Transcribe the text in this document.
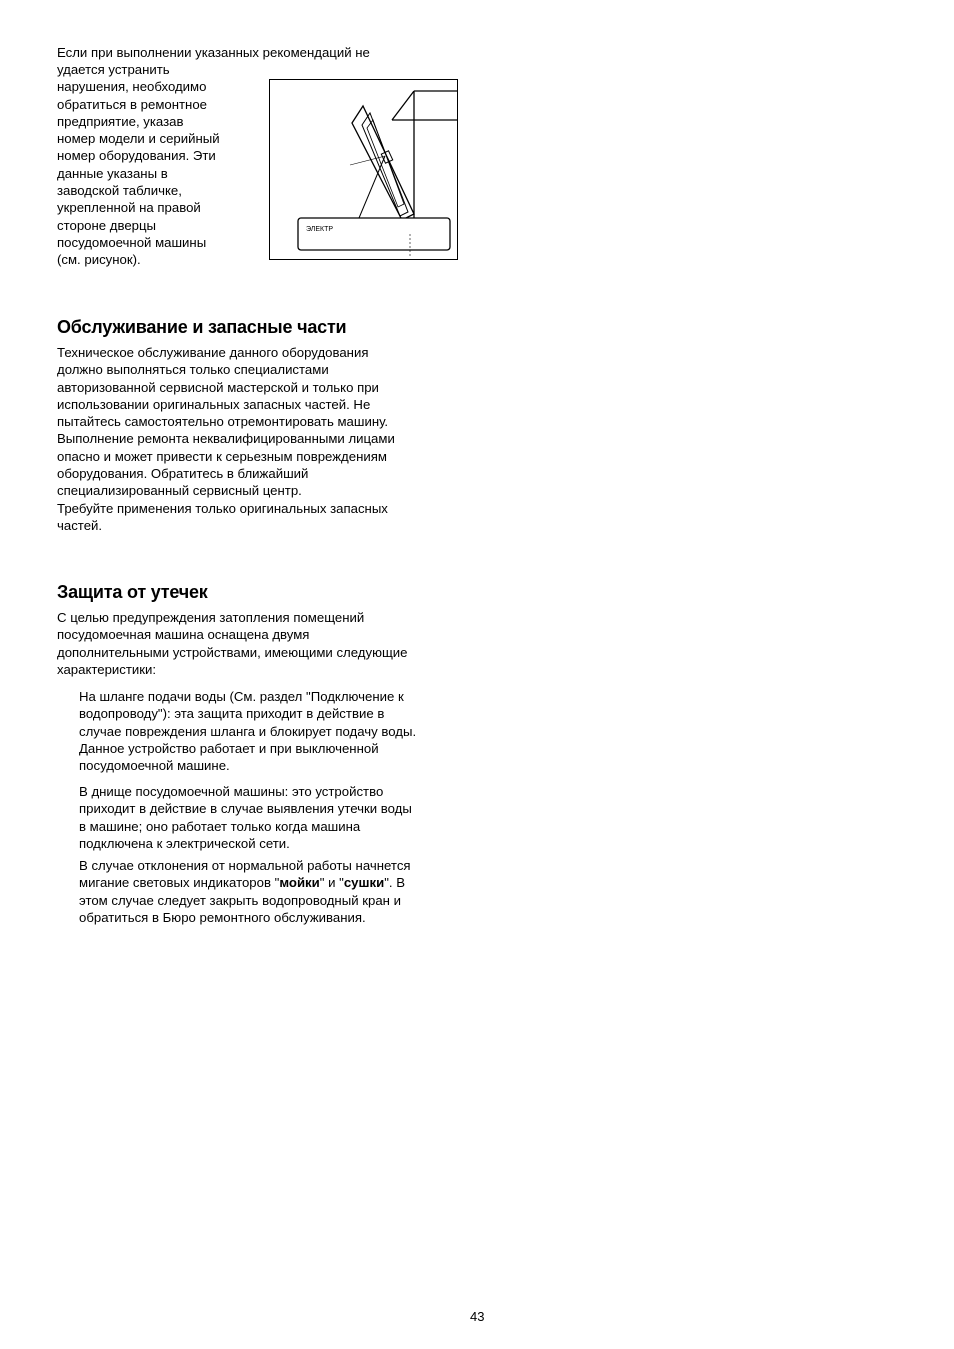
Если при выполнении указанных рекомендаций не
удается устранить
нарушения, необходимо
обратиться в ремонтное
предприятие, указав
номер модели и серийный
номер оборудования. Эти
данные указаны в
заводской табличке,
укрепленной на правой
стороне дверцы
посудомоечной машины
(см. рисунок).
ЭЛЕКТР
Обслуживание и запасные части

Техническое обслуживание данного оборудования
должно выполняться только специалистами
авторизованной сервисной мастерской и только при
использовании оригинальных запасных частей. Не
пытайтесь самостоятельно отремонтировать машину.
Выполнение ремонта неквалифицированными лицами
опасно и может привести к серьезным повреждениям
оборудования. Обратитесь в ближайший
специализированный сервисный центр.
Требуйте применения только оригинальных запасных
частей.

Защита от утечек

С целью предупреждения затопления помещений
посудомоечная машина оснащена двумя
дополнительными устройствами, имеющими следующие
характеристики:

На шланге подачи воды (См. раздел "Подключение к
водопроводу"): эта защита приходит в действие в
случае повреждения шланга и блокирует подачу воды.
Данное устройство работает и при выключенной
посудомоечной машине.

В днище посудомоечной машины: это устройство
приходит в действие в случае выявления утечки воды
в машине; оно работает только когда машина
подключена к электрической сети.

В случае отклонения от нормальной работы начнется
мигание световых индикаторов "мойки" и "сушки". В
этом случае следует закрыть водопроводный кран и
обратиться в Бюро ремонтного обслуживания.
43
